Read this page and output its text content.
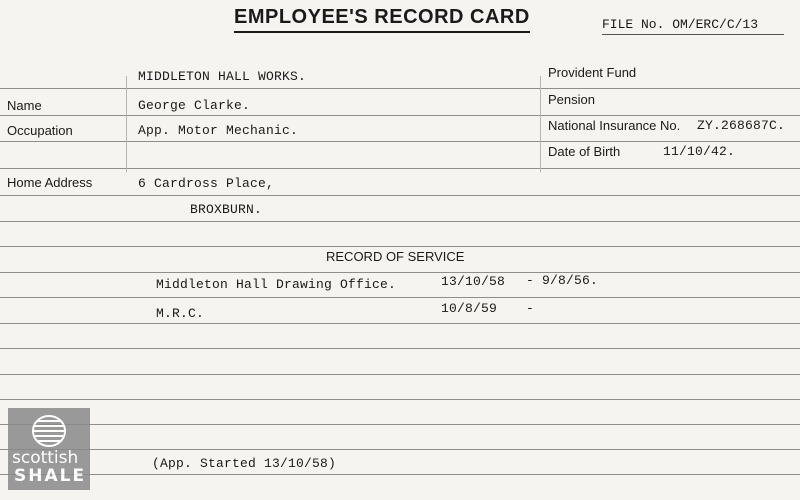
EMPLOYEE'S RECORD CARD	FILE No. OM/ERC/C/13
MIDDLETON HALL WORKS.
Name	George Clarke.
Occupation	App. Motor Mechanic.
Home Address	6 Cardross Place,
BROXBURN.
Provident Fund
Pension
National Insurance No. ZY.268687C.
Date of Birth	11/10/42.
RECORD OF SERVICE
Middleton Hall Drawing Office.	13/10/58 - 9/8/56.
M.R.C.	10/8/59 -
(App. Started 13/10/58)
scottish
SHALE
